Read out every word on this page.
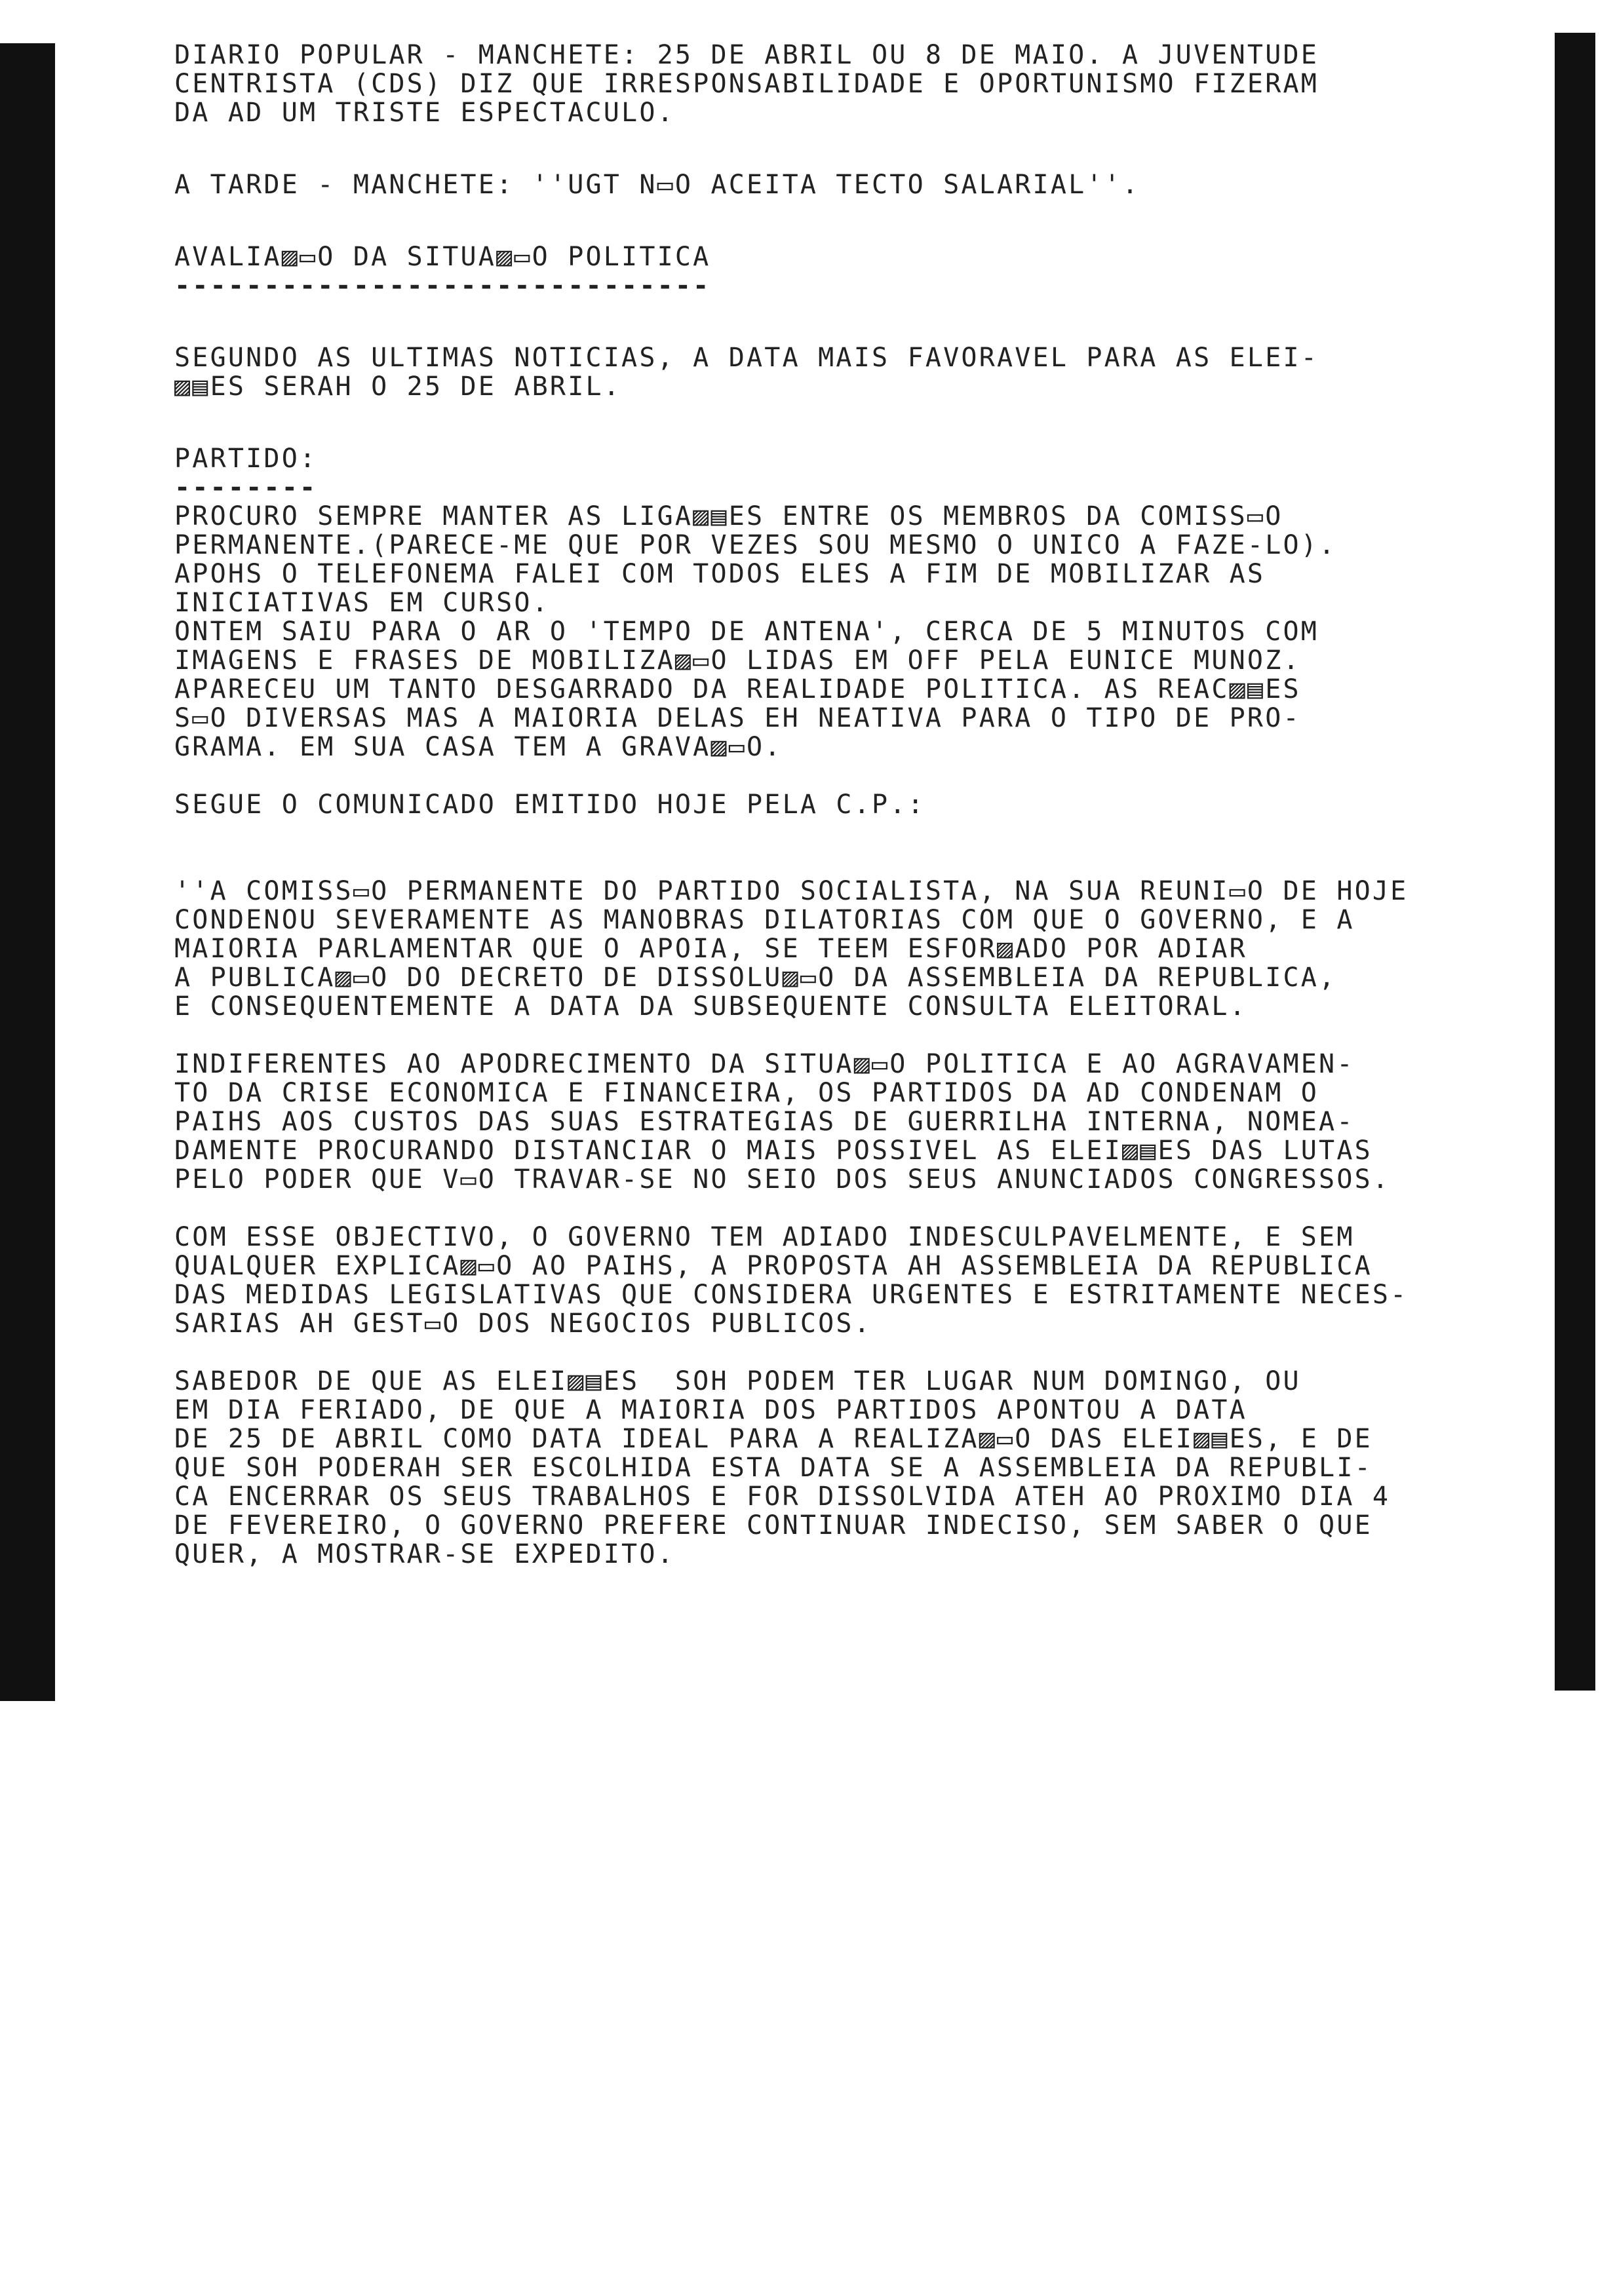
DIARIO POPULAR - MANCHETE: 25 DE ABRIL OU 8 DE MAIO. A JUVENTUDE
CENTRISTA (CDS) DIZ QUE IRRESPONSABILIDADE E OPORTUNISMO FIZERAM
DA AD UM TRISTE ESPECTACULO.
A TARDE - MANCHETE: ''UGT N▭O ACEITA TECTO SALARIAL''.
AVALIA▨▭O DA SITUA▨▭O POLITICA
------------------------------
SEGUNDO AS ULTIMAS NOTICIAS, A DATA MAIS FAVORAVEL PARA AS ELEI-
▨▤ES SERAH O 25 DE ABRIL.
PARTIDO:
--------
PROCURO SEMPRE MANTER AS LIGA▨▤ES ENTRE OS MEMBROS DA COMISS▭O
PERMANENTE.(PARECE-ME QUE POR VEZES SOU MESMO O UNICO A FAZE-LO).
APOHS O TELEFONEMA FALEI COM TODOS ELES A FIM DE MOBILIZAR AS
INICIATIVAS EM CURSO.
ONTEM SAIU PARA O AR O 'TEMPO DE ANTENA', CERCA DE 5 MINUTOS COM
IMAGENS E FRASES DE MOBILIZA▨▭O LIDAS EM OFF PELA EUNICE MUNOZ.
APARECEU UM TANTO DESGARRADO DA REALIDADE POLITICA. AS REAC▨▤ES
S▭O DIVERSAS MAS A MAIORIA DELAS EH NEATIVA PARA O TIPO DE PRO-
GRAMA. EM SUA CASA TEM A GRAVA▨▭O.
SEGUE O COMUNICADO EMITIDO HOJE PELA C.P.:
''A COMISS▭O PERMANENTE DO PARTIDO SOCIALISTA, NA SUA REUNI▭O DE HOJE
CONDENOU SEVERAMENTE AS MANOBRAS DILATORIAS COM QUE O GOVERNO, E A
MAIORIA PARLAMENTAR QUE O APOIA, SE TEEM ESFOR▨ADO POR ADIAR
A PUBLICA▨▭O DO DECRETO DE DISSOLU▨▭O DA ASSEMBLEIA DA REPUBLICA,
E CONSEQUENTEMENTE A DATA DA SUBSEQUENTE CONSULTA ELEITORAL.
INDIFERENTES AO APODRECIMENTO DA SITUA▨▭O POLITICA E AO AGRAVAMEN-
TO DA CRISE ECONOMICA E FINANCEIRA, OS PARTIDOS DA AD CONDENAM O
PAIHS AOS CUSTOS DAS SUAS ESTRATEGIAS DE GUERRILHA INTERNA, NOMEA-
DAMENTE PROCURANDO DISTANCIAR O MAIS POSSIVEL AS ELEI▨▤ES DAS LUTAS
PELO PODER QUE V▭O TRAVAR-SE NO SEIO DOS SEUS ANUNCIADOS CONGRESSOS.
COM ESSE OBJECTIVO, O GOVERNO TEM ADIADO INDESCULPAVELMENTE, E SEM
QUALQUER EXPLICA▨▭O AO PAIHS, A PROPOSTA AH ASSEMBLEIA DA REPUBLICA
DAS MEDIDAS LEGISLATIVAS QUE CONSIDERA URGENTES E ESTRITAMENTE NECES-
SARIAS AH GEST▭O DOS NEGOCIOS PUBLICOS.
SABEDOR DE QUE AS ELEI▨▤ES  SOH PODEM TER LUGAR NUM DOMINGO, OU
EM DIA FERIADO, DE QUE A MAIORIA DOS PARTIDOS APONTOU A DATA
DE 25 DE ABRIL COMO DATA IDEAL PARA A REALIZA▨▭O DAS ELEI▨▤ES, E DE
QUE SOH PODERAH SER ESCOLHIDA ESTA DATA SE A ASSEMBLEIA DA REPUBLI-
CA ENCERRAR OS SEUS TRABALHOS E FOR DISSOLVIDA ATEH AO PROXIMO DIA 4
DE FEVEREIRO, O GOVERNO PREFERE CONTINUAR INDECISO, SEM SABER O QUE
QUER, A MOSTRAR-SE EXPEDITO.
